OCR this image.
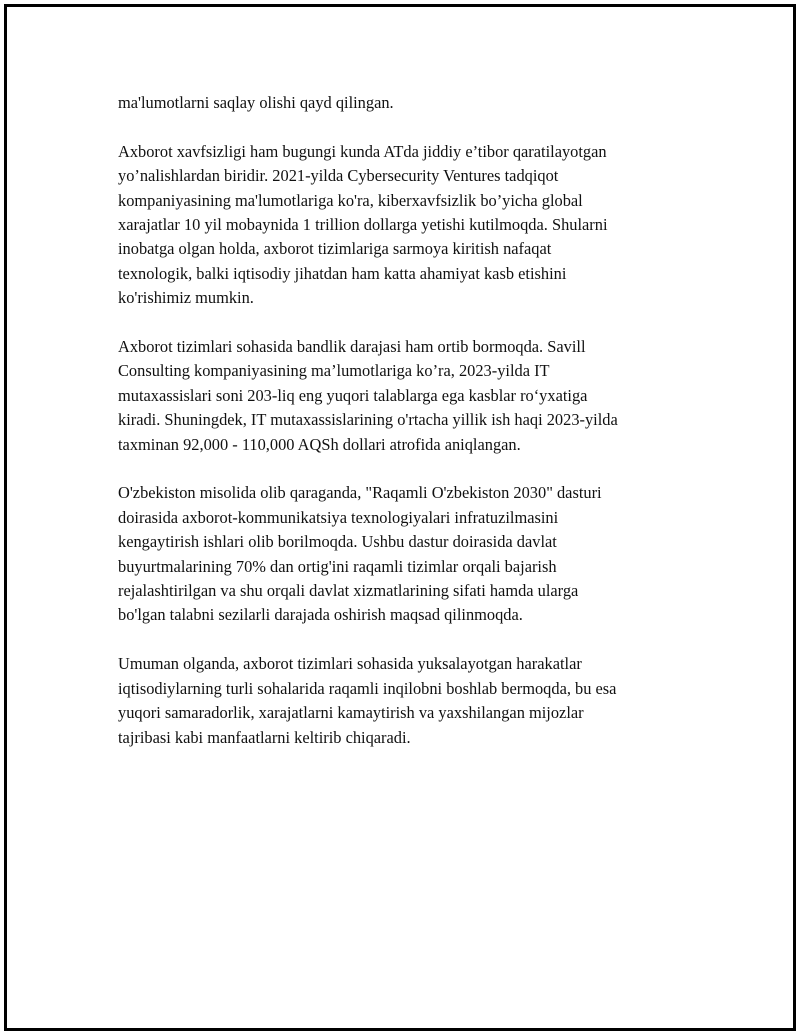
ma'lumotlarni saqlay olishi qayd qilingan.

Axborot xavfsizligi ham bugungi kunda ATda jiddiy e’tibor qaratilayotgan
yo’nalishlardan biridir. 2021-yilda Cybersecurity Ventures tadqiqot
kompaniyasining ma'lumotlariga ko'ra, kiberxavfsizlik bo’yicha global
xarajatlar 10 yil mobaynida 1 trillion dollarga yetishi kutilmoqda. Shularni
inobatga olgan holda, axborot tizimlariga sarmoya kiritish nafaqat
texnologik, balki iqtisodiy jihatdan ham katta ahamiyat kasb etishini
ko'rishimiz mumkin.

Axborot tizimlari sohasida bandlik darajasi ham ortib bormoqda. Savill
Consulting kompaniyasining ma’lumotlariga ko’ra, 2023-yilda IT
mutaxassislari soni 203-liq eng yuqori talablarga ega kasblar ro‘yxatiga
kiradi. Shuningdek, IT mutaxassislarining o'rtacha yillik ish haqi 2023-yilda
taxminan 92,000 - 110,000 AQSh dollari atrofida aniqlangan.

O'zbekiston misolida olib qaraganda, "Raqamli O'zbekiston 2030" dasturi
doirasida axborot-kommunikatsiya texnologiyalari infratuzilmasini
kengaytirish ishlari olib borilmoqda. Ushbu dastur doirasida davlat
buyurtmalarining 70% dan ortig'ini raqamli tizimlar orqali bajarish
rejalashtirilgan va shu orqali davlat xizmatlarining sifati hamda ularga
bo'lgan talabni sezilarli darajada oshirish maqsad qilinmoqda.

Umuman olganda, axborot tizimlari sohasida yuksalayotgan harakatlar
iqtisodiylarning turli sohalarida raqamli inqilobni boshlab bermoqda, bu esa
yuqori samaradorlik, xarajatlarni kamaytirish va yaxshilangan mijozlar
tajribasi kabi manfaatlarni keltirib chiqaradi.
